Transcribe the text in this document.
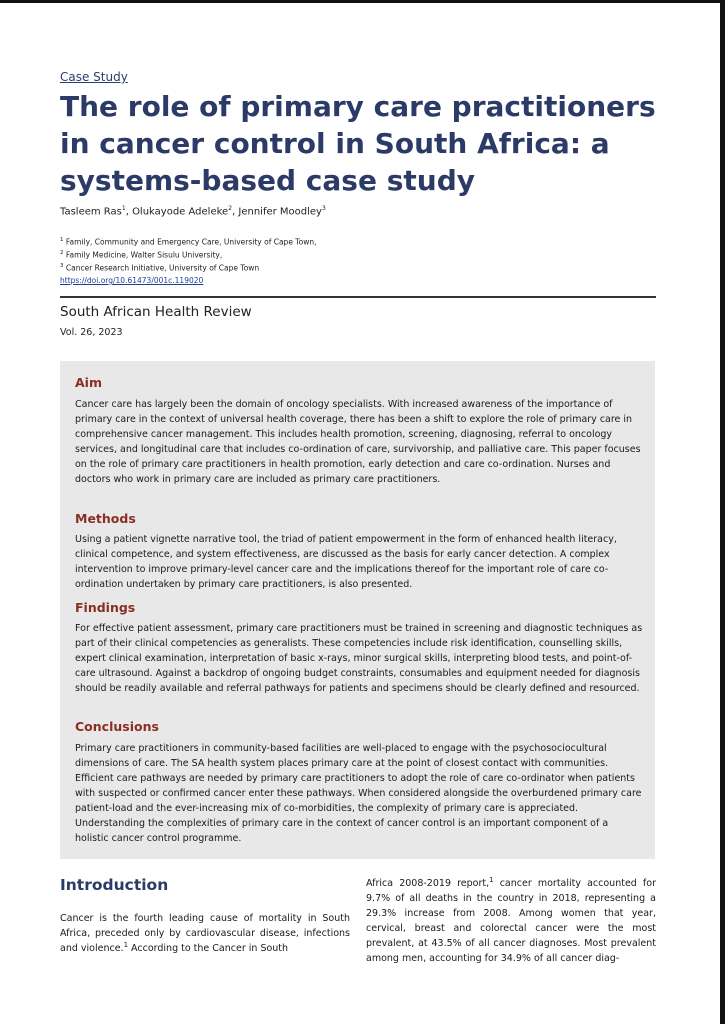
Case Study
The role of primary care practitioners in cancer control in South Africa: a systems-based case study
Tasleem Ras$^1$, Olukayode Adeleke$^2$, Jennifer Moodley$^3$
$^1$ Family, Community and Emergency Care, University of Cape Town,
$^2$ Family Medicine, Walter Sisulu University,
$^3$ Cancer Research Initiative, University of Cape Town
https://doi.org/10.61473/001c.119020
South African Health Review
Vol. 26, 2023
Aim

Cancer care has largely been the domain of oncology specialists. With increased awareness of the importance of primary care in the context of universal health coverage, there has been a shift to explore the role of primary care in comprehensive cancer management. This includes health promotion, screening, diagnosing, referral to oncology services, and longitudinal care that includes co-ordination of care, survivorship, and palliative care. This paper focuses on the role of primary care practitioners in health promotion, early detection and care co-ordination. Nurses and doctors who work in primary care are included as primary care practitioners.

Methods

Using a patient vignette narrative tool, the triad of patient empowerment in the form of enhanced health literacy, clinical competence, and system effectiveness, are discussed as the basis for early cancer detection. A complex intervention to improve primary-level cancer care and the implications thereof for the important role of care co-ordination undertaken by primary care practitioners, is also presented.

Findings

For effective patient assessment, primary care practitioners must be trained in screening and diagnostic techniques as part of their clinical competencies as generalists. These competencies include risk identification, counselling skills, expert clinical examination, interpretation of basic x-rays, minor surgical skills, interpreting blood tests, and point-of-care ultrasound. Against a backdrop of ongoing budget constraints, consumables and equipment needed for diagnosis should be readily available and referral pathways for patients and specimens should be clearly defined and resourced.

Conclusions

Primary care practitioners in community-based facilities are well-placed to engage with the psychosociocultural dimensions of care. The SA health system places primary care at the point of closest contact with communities. Efficient care pathways are needed by primary care practitioners to adopt the role of care co-ordinator when patients with suspected or confirmed cancer enter these pathways. When considered alongside the overburdened primary care patient-load and the ever-increasing mix of co-morbidities, the complexity of primary care is appreciated. Understanding the complexities of primary care in the context of cancer control is an important component of a holistic cancer control programme.

Introduction

Cancer is the fourth leading cause of mortality in South Africa, preceded only by cardiovascular disease, infections and violence.$^1$ According to the Cancer in South

Africa 2008-2019 report,$^1$ cancer mortality accounted for 9.7% of all deaths in the country in 2018, representing a 29.3% increase from 2008. Among women that year, cervical, breast and colorectal cancer were the most prevalent, at 43.5% of all cancer diagnoses. Most prevalent among men, accounting for 34.9% of all cancer diag-
